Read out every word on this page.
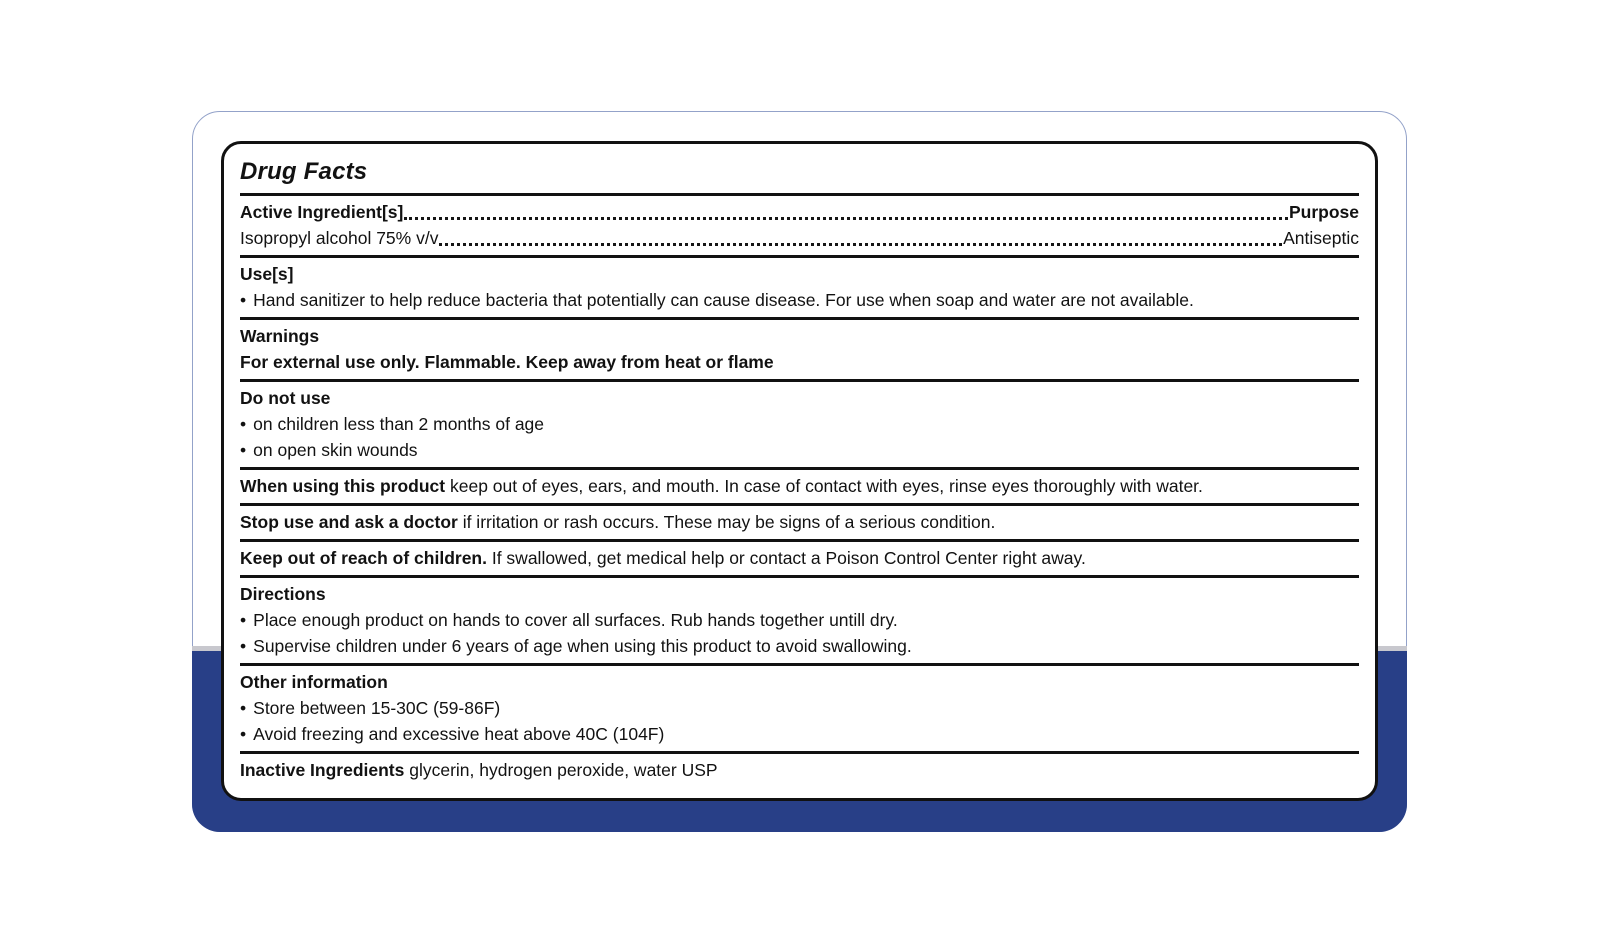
Drug Facts
Active Ingredient[s]	Purpose
Isopropyl alcohol 75% v/v	Antiseptic
Use[s]
• Hand sanitizer to help reduce bacteria that potentially can cause disease. For use when soap and water are not available.
Warnings
For external use only. Flammable. Keep away from heat or flame
Do not use
• on children less than 2 months of age
• on open skin wounds
When using this product keep out of eyes, ears, and mouth. In case of contact with eyes, rinse eyes thoroughly with water.
Stop use and ask a doctor if irritation or rash occurs. These may be signs of a serious condition.
Keep out of reach of children. If swallowed, get medical help or contact a Poison Control Center right away.
Directions
• Place enough product on hands to cover all surfaces. Rub hands together untill dry.
• Supervise children under 6 years of age when using this product to avoid swallowing.
Other information
• Store between 15-30C (59-86F)
• Avoid freezing and excessive heat above 40C (104F)
Inactive Ingredients glycerin, hydrogen peroxide, water USP
